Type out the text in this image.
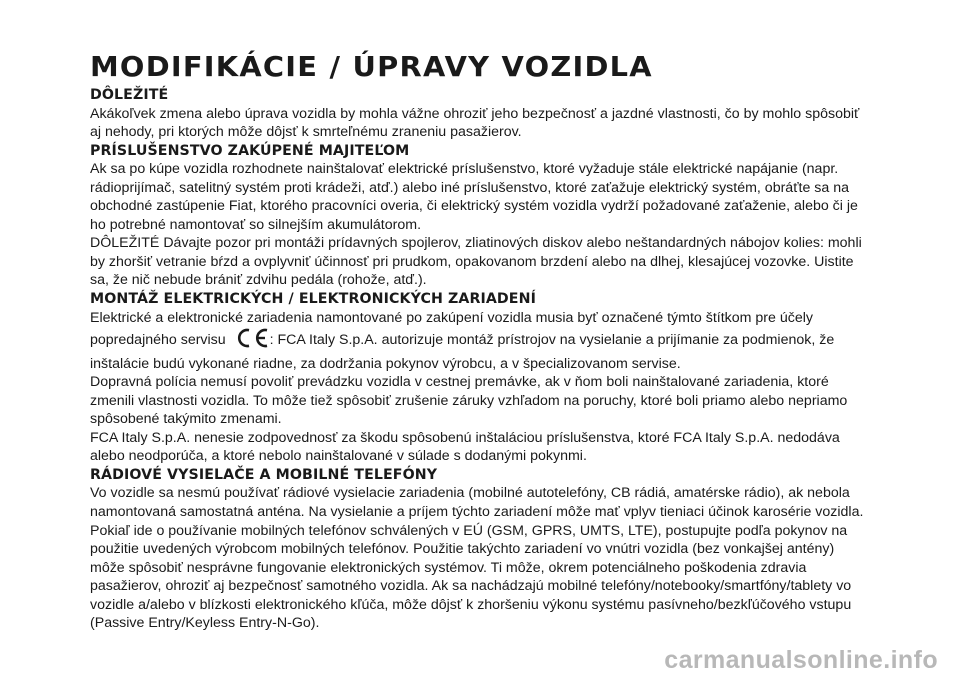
MODIFIKÁCIE / ÚPRAVY VOZIDLA
DÔLEŽITÉ

Akákoľvek zmena alebo úprava vozidla by mohla vážne ohroziť jeho bezpečnosť a jazdné vlastnosti, čo by mohlo spôsobiť aj nehody, pri ktorých môže dôjsť k smrteľnému zraneniu pasažierov.

PRÍSLUŠENSTVO ZAKÚPENÉ MAJITEĽOM

Ak sa po kúpe vozidla rozhodnete nainštalovať elektrické príslušenstvo, ktoré vyžaduje stále elektrické napájanie (napr. rádioprijímač, satelitný systém proti krádeži, atď.) alebo iné príslušenstvo, ktoré zaťažuje elektrický systém, obráťte sa na obchodné zastúpenie Fiat, ktorého pracovníci overia, či elektrický systém vozidla vydrží požadované zaťaženie, alebo či je ho potrebné namontovať so silnejším akumulátorom.

DÔLEŽITÉ Dávajte pozor pri montáži prídavných spojlerov, zliatinových diskov alebo neštandardných nábojov kolies: mohli by zhoršiť vetranie bŕzd a ovplyvniť účinnosť pri prudkom, opakovanom brzdení alebo na dlhej, klesajúcej vozovke. Uistite sa, že nič nebude brániť zdvihu pedála (rohože, atď.).

MONTÁŽ ELEKTRICKÝCH / ELEKTRONICKÝCH ZARIADENÍ

Elektrické a elektronické zariadenia namontované po zakúpení vozidla musia byť označené týmto štítkom pre účely popredajného servisu	: FCA Italy S.p.A. autorizuje montáž prístrojov na vysielanie a prijímanie za podmienok, že inštalácie budú vykonané riadne, za dodržania pokynov výrobcu, a v špecializovanom servise.

Dopravná polícia nemusí povoliť prevádzku vozidla v cestnej premávke, ak v ňom boli nainštalované zariadenia, ktoré zmenili vlastnosti vozidla. To môže tiež spôsobiť zrušenie záruky vzhľadom na poruchy, ktoré boli priamo alebo nepriamo spôsobené takýmito zmenami.

FCA Italy S.p.A. nenesie zodpovednosť za škodu spôsobenú inštaláciou príslušenstva, ktoré FCA Italy S.p.A. nedodáva alebo neodporúča, a ktoré nebolo nainštalované v súlade s dodanými pokynmi.

RÁDIOVÉ VYSIELAČE A MOBILNÉ TELEFÓNY

Vo vozidle sa nesmú používať rádiové vysielacie zariadenia (mobilné autotelefóny, CB rádiá, amatérske rádio), ak nebola namontovaná samostatná anténa. Na vysielanie a príjem týchto zariadení môže mať vplyv tieniaci účinok karosérie vozidla.

Pokiaľ ide o používanie mobilných telefónov schválených v EÚ (GSM, GPRS, UMTS, LTE), postupujte podľa pokynov na použitie uvedených výrobcom mobilných telefónov. Použitie takýchto zariadení vo vnútri vozidla (bez vonkajšej antény) môže spôsobiť nesprávne fungovanie elektronických systémov. Ti môže, okrem potenciálneho poškodenia zdravia pasažierov, ohroziť aj bezpečnosť samotného vozidla. Ak sa nachádzajú mobilné telefóny/notebooky/smartfóny/tablety vo vozidle a/alebo v blízkosti elektronického kľúča, môže dôjsť k zhoršeniu výkonu systému pasívneho/bezkľúčového vstupu (Passive Entry/Keyless Entry-N-Go).

carmanualsonline.info
